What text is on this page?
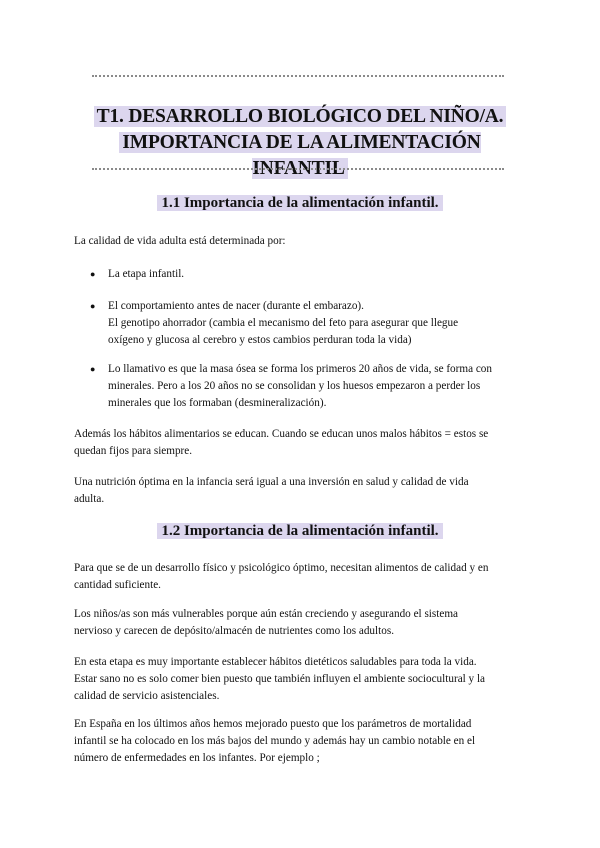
T1. DESARROLLO BIOLÓGICO DEL NIÑO/A.
IMPORTANCIA DE LA ALIMENTACIÓN INFANTIL
1.1 Importancia de la alimentación infantil.

La calidad de vida adulta está determinada por:

● La etapa infantil.

● El comportamiento antes de nacer (durante el embarazo).
El genotipo ahorrador (cambia el mecanismo del feto para asegurar que llegue
oxígeno y glucosa al cerebro y estos cambios perduran toda la vida)

● Lo llamativo es que la masa ósea se forma los primeros 20 años de vida, se forma con
minerales. Pero a los 20 años no se consolidan y los huesos empezaron a perder los
minerales que los formaban (desmineralización).

Además los hábitos alimentarios se educan. Cuando se educan unos malos hábitos = estos se
quedan fijos para siempre.

Una nutrición óptima en la infancia será igual a una inversión en salud y calidad de vida
adulta.

1.2 Importancia de la alimentación infantil.

Para que se de un desarrollo físico y psicológico óptimo, necesitan alimentos de calidad y en
cantidad suficiente.

Los niños/as son más vulnerables porque aún están creciendo y asegurando el sistema
nervioso y carecen de depósito/almacén de nutrientes como los adultos.

En esta etapa es muy importante establecer hábitos dietéticos saludables para toda la vida.
Estar sano no es solo comer bien puesto que también influyen el ambiente sociocultural y la
calidad de servicio asistenciales.

En España en los últimos años hemos mejorado puesto que los parámetros de mortalidad
infantil se ha colocado en los más bajos del mundo y además hay un cambio notable en el
número de enfermedades en los infantes. Por ejemplo ;
